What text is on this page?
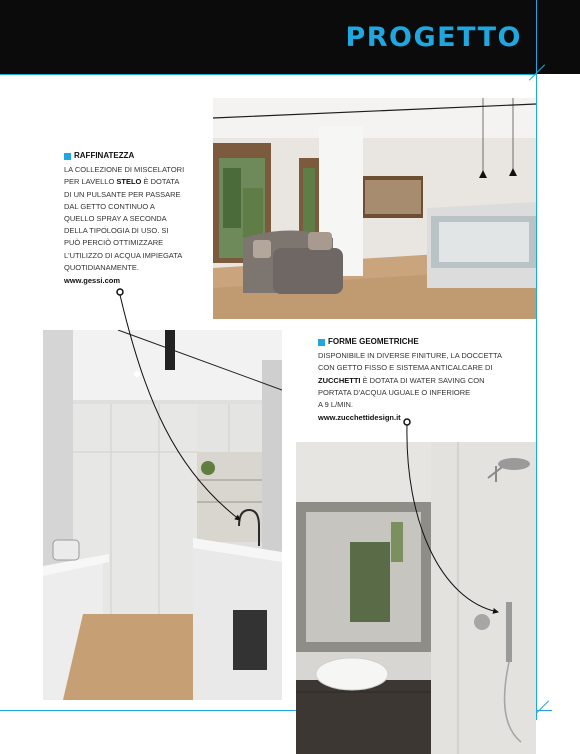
PROGETTO
RAFFINATEZZA
LA COLLEZIONE DI MISCELATORI
PER LAVELLO STELO È DOTATA
DI UN PULSANTE PER PASSARE
DAL GETTO CONTINUO A
QUELLO SPRAY A SECONDA
DELLA TIPOLOGIA DI USO. SI
PUÒ PERCIÒ OTTIMIZZARE
L'UTILIZZO DI ACQUA IMPIEGATA
QUOTIDIANAMENTE.
www.gessi.com
FORME GEOMETRICHE
DISPONIBILE IN DIVERSE FINITURE, LA DOCCETTA
CON GETTO FISSO E SISTEMA ANTICALCARE DI
ZUCCHETTI È DOTATA DI WATER SAVING CON
PORTATA D'ACQUA UGUALE O INFERIORE
A 9 L/MIN.
www.zucchettidesign.it
